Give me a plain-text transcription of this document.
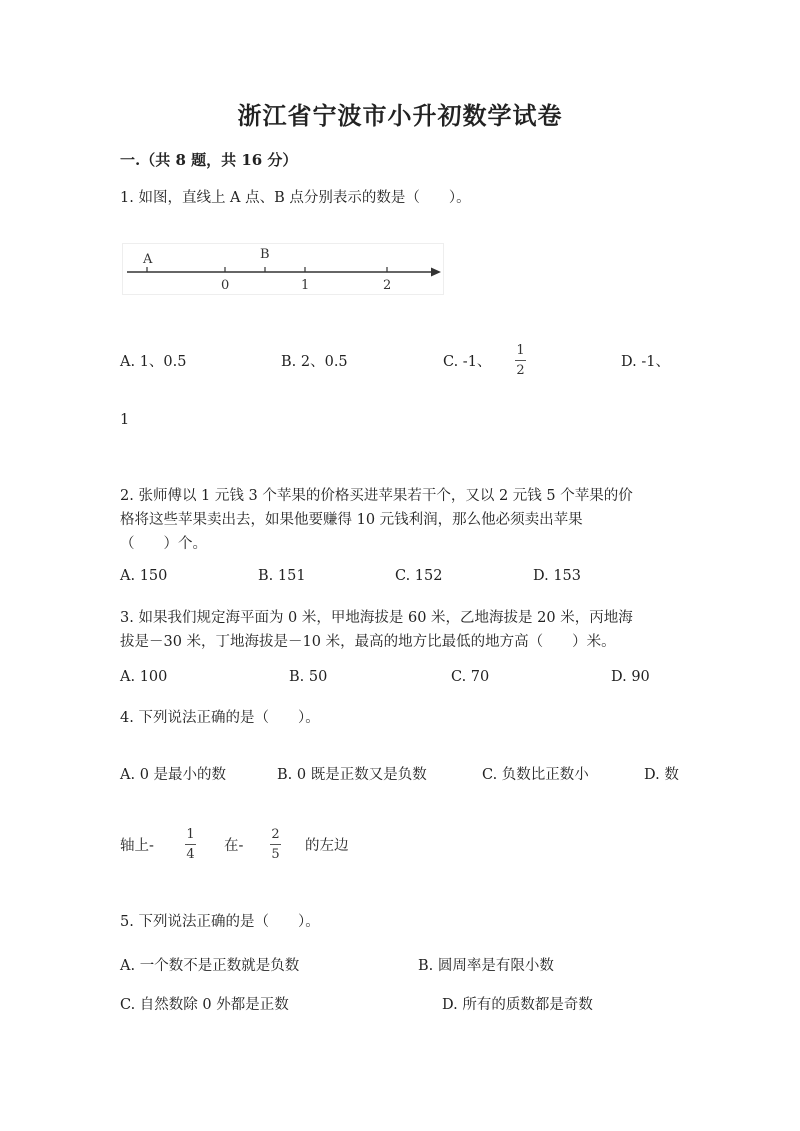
浙江省宁波市小升初数学试卷
一.（共 8 题，共 16 分）
1. 如图，直线上 A 点、B 点分别表示的数是（　　）。
A	B
0	1	2
A. 1、0.5	B. 2、0.5	C. -1、
1
2
D. -1、
1
2. 张师傅以 1 元钱 3 个苹果的价格买进苹果若干个，又以 2 元钱 5 个苹果的价
格将这些苹果卖出去，如果他要赚得 10 元钱利润，那么他必须卖出苹果
（　　）个。
A. 150	B. 151	C. 152	D. 153
3. 如果我们规定海平面为 0 米，甲地海拔是 60 米，乙地海拔是 20 米，丙地海
拔是－30 米，丁地海拔是－10 米，最高的地方比最低的地方高（　　）米。
A. 100	B. 50	C. 70	D. 90
4. 下列说法正确的是（　　）。
A. 0 是最小的数	B. 0 既是正数又是负数	C. 负数比正数小	D. 数
轴上-
1
4
在-
2
5
的左边
5. 下列说法正确的是（　　）。
A. 一个数不是正数就是负数	B. 圆周率是有限小数
C. 自然数除 0 外都是正数	D. 所有的质数都是奇数
